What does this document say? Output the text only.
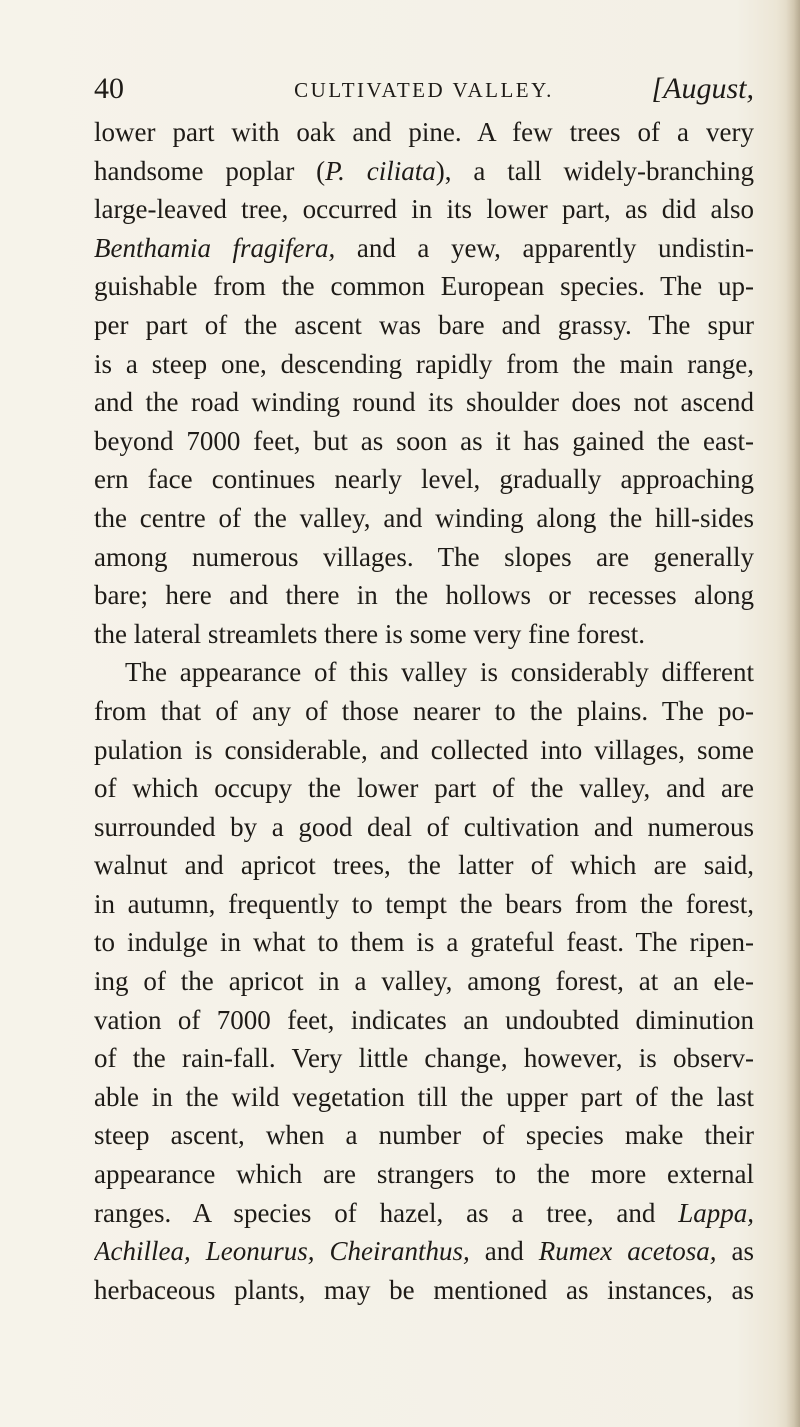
40	CULTIVATED VALLEY.	[August,
lower part with oak and pine. A few trees of a very
handsome poplar (P. ciliata), a tall widely-branching
large-leaved tree, occurred in its lower part, as did also
Benthamia fragifera, and a yew, apparently undistin-
guishable from the common European species. The up-
per part of the ascent was bare and grassy. The spur
is a steep one, descending rapidly from the main range,
and the road winding round its shoulder does not ascend
beyond 7000 feet, but as soon as it has gained the east-
ern face continues nearly level, gradually approaching
the centre of the valley, and winding along the hill-sides
among numerous villages. The slopes are generally
bare; here and there in the hollows or recesses along
the lateral streamlets there is some very fine forest.
The appearance of this valley is considerably different
from that of any of those nearer to the plains. The po-
pulation is considerable, and collected into villages, some
of which occupy the lower part of the valley, and are
surrounded by a good deal of cultivation and numerous
walnut and apricot trees, the latter of which are said,
in autumn, frequently to tempt the bears from the forest,
to indulge in what to them is a grateful feast. The ripen-
ing of the apricot in a valley, among forest, at an ele-
vation of 7000 feet, indicates an undoubted diminution
of the rain-fall. Very little change, however, is observ-
able in the wild vegetation till the upper part of the last
steep ascent, when a number of species make their
appearance which are strangers to the more external
ranges. A species of hazel, as a tree, and Lappa,
Achillea, Leonurus, Cheiranthus, and Rumex acetosa, as
herbaceous plants, may be mentioned as instances, as
